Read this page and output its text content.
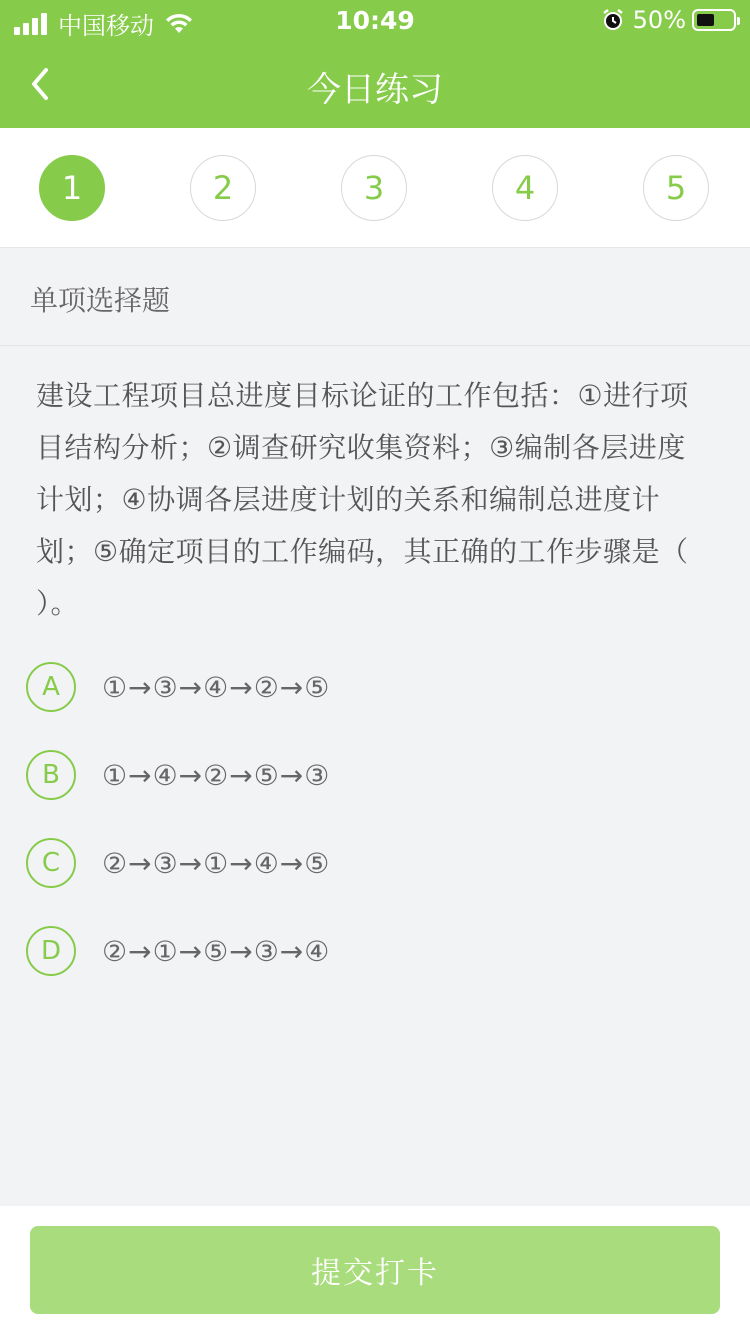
中国移动	10:49	50%
今日练习
1	2	3	4	5
单项选择题
建设工程项目总进度目标论证的工作包括：①进行项
目结构分析；②调查研究收集资料；③编制各层进度
计划；④协调各层进度计划的关系和编制总进度计
划；⑤确定项目的工作编码，其正确的工作步骤是（
）。
A	①→③→④→②→⑤
B	①→④→②→⑤→③
C	②→③→①→④→⑤
D	②→①→⑤→③→④
提交打卡
